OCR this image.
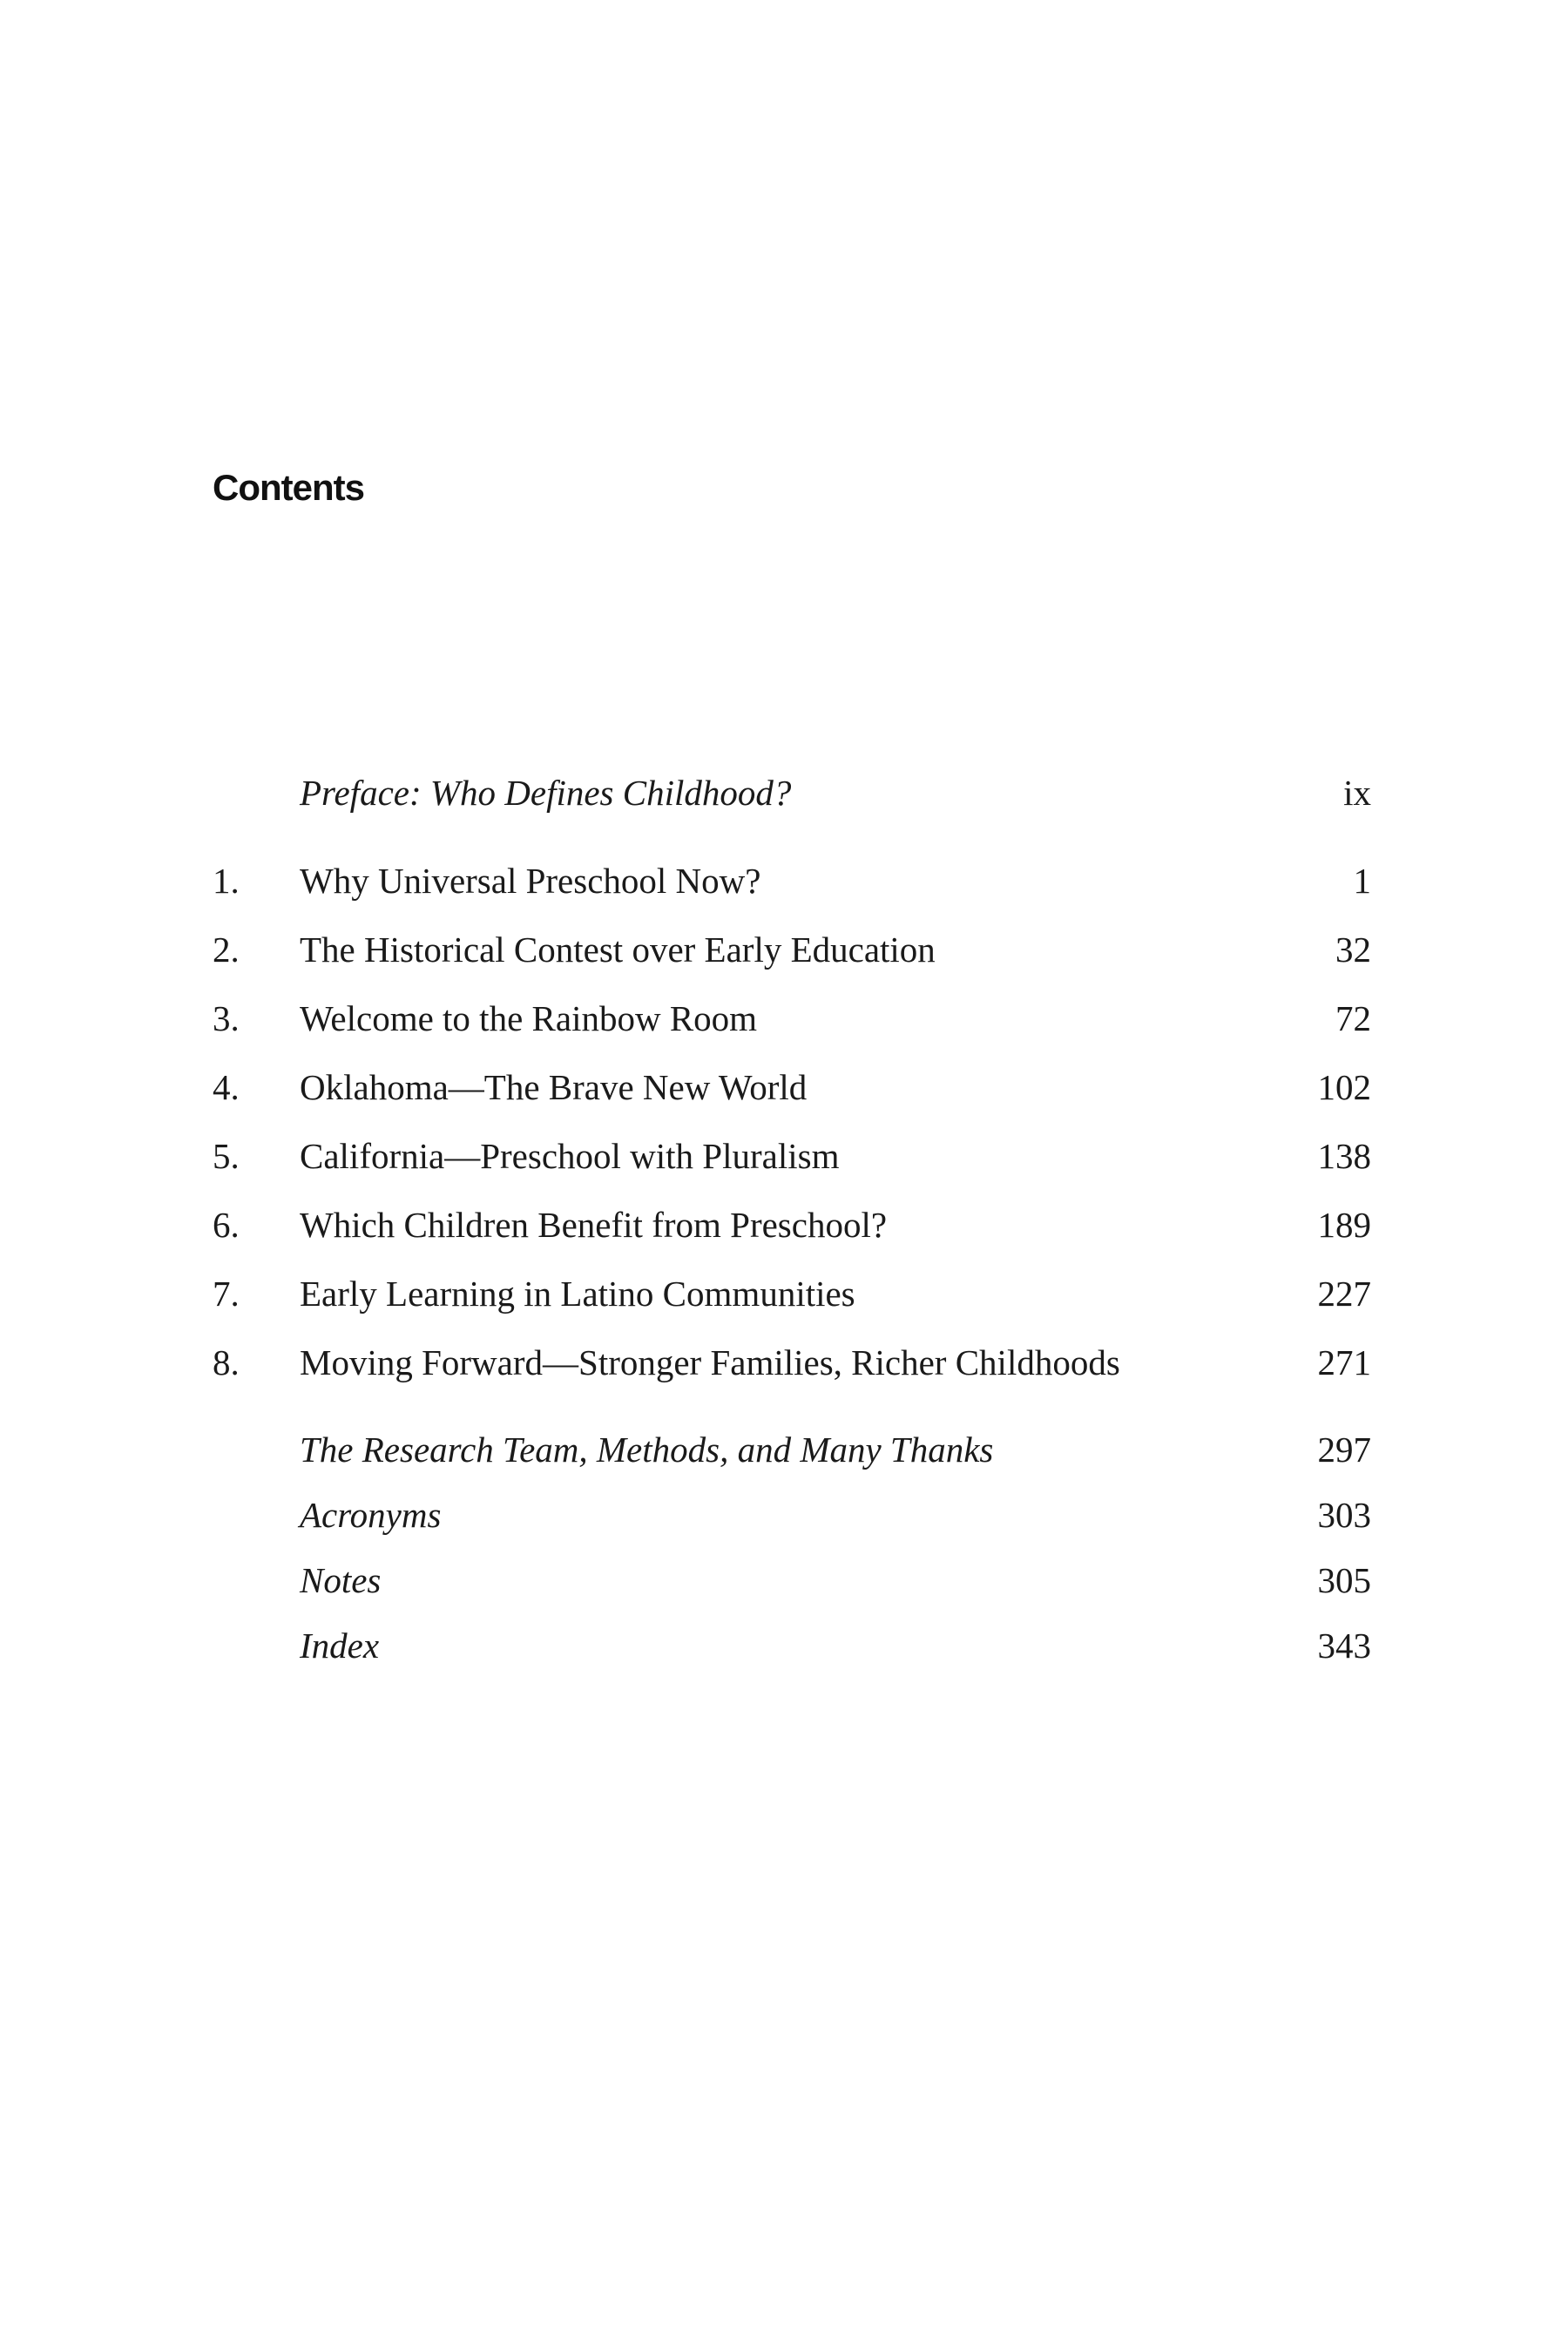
Contents
Preface: Who Defines Childhood?	ix
1.	Why Universal Preschool Now?	1
2.	The Historical Contest over Early Education	32
3.	Welcome to the Rainbow Room	72
4.	Oklahoma—The Brave New World	102
5.	California—Preschool with Pluralism	138
6.	Which Children Benefit from Preschool?	189
7.	Early Learning in Latino Communities	227
8.	Moving Forward—Stronger Families, Richer Childhoods	271
The Research Team, Methods, and Many Thanks	297
Acronyms	303
Notes	305
Index	343
